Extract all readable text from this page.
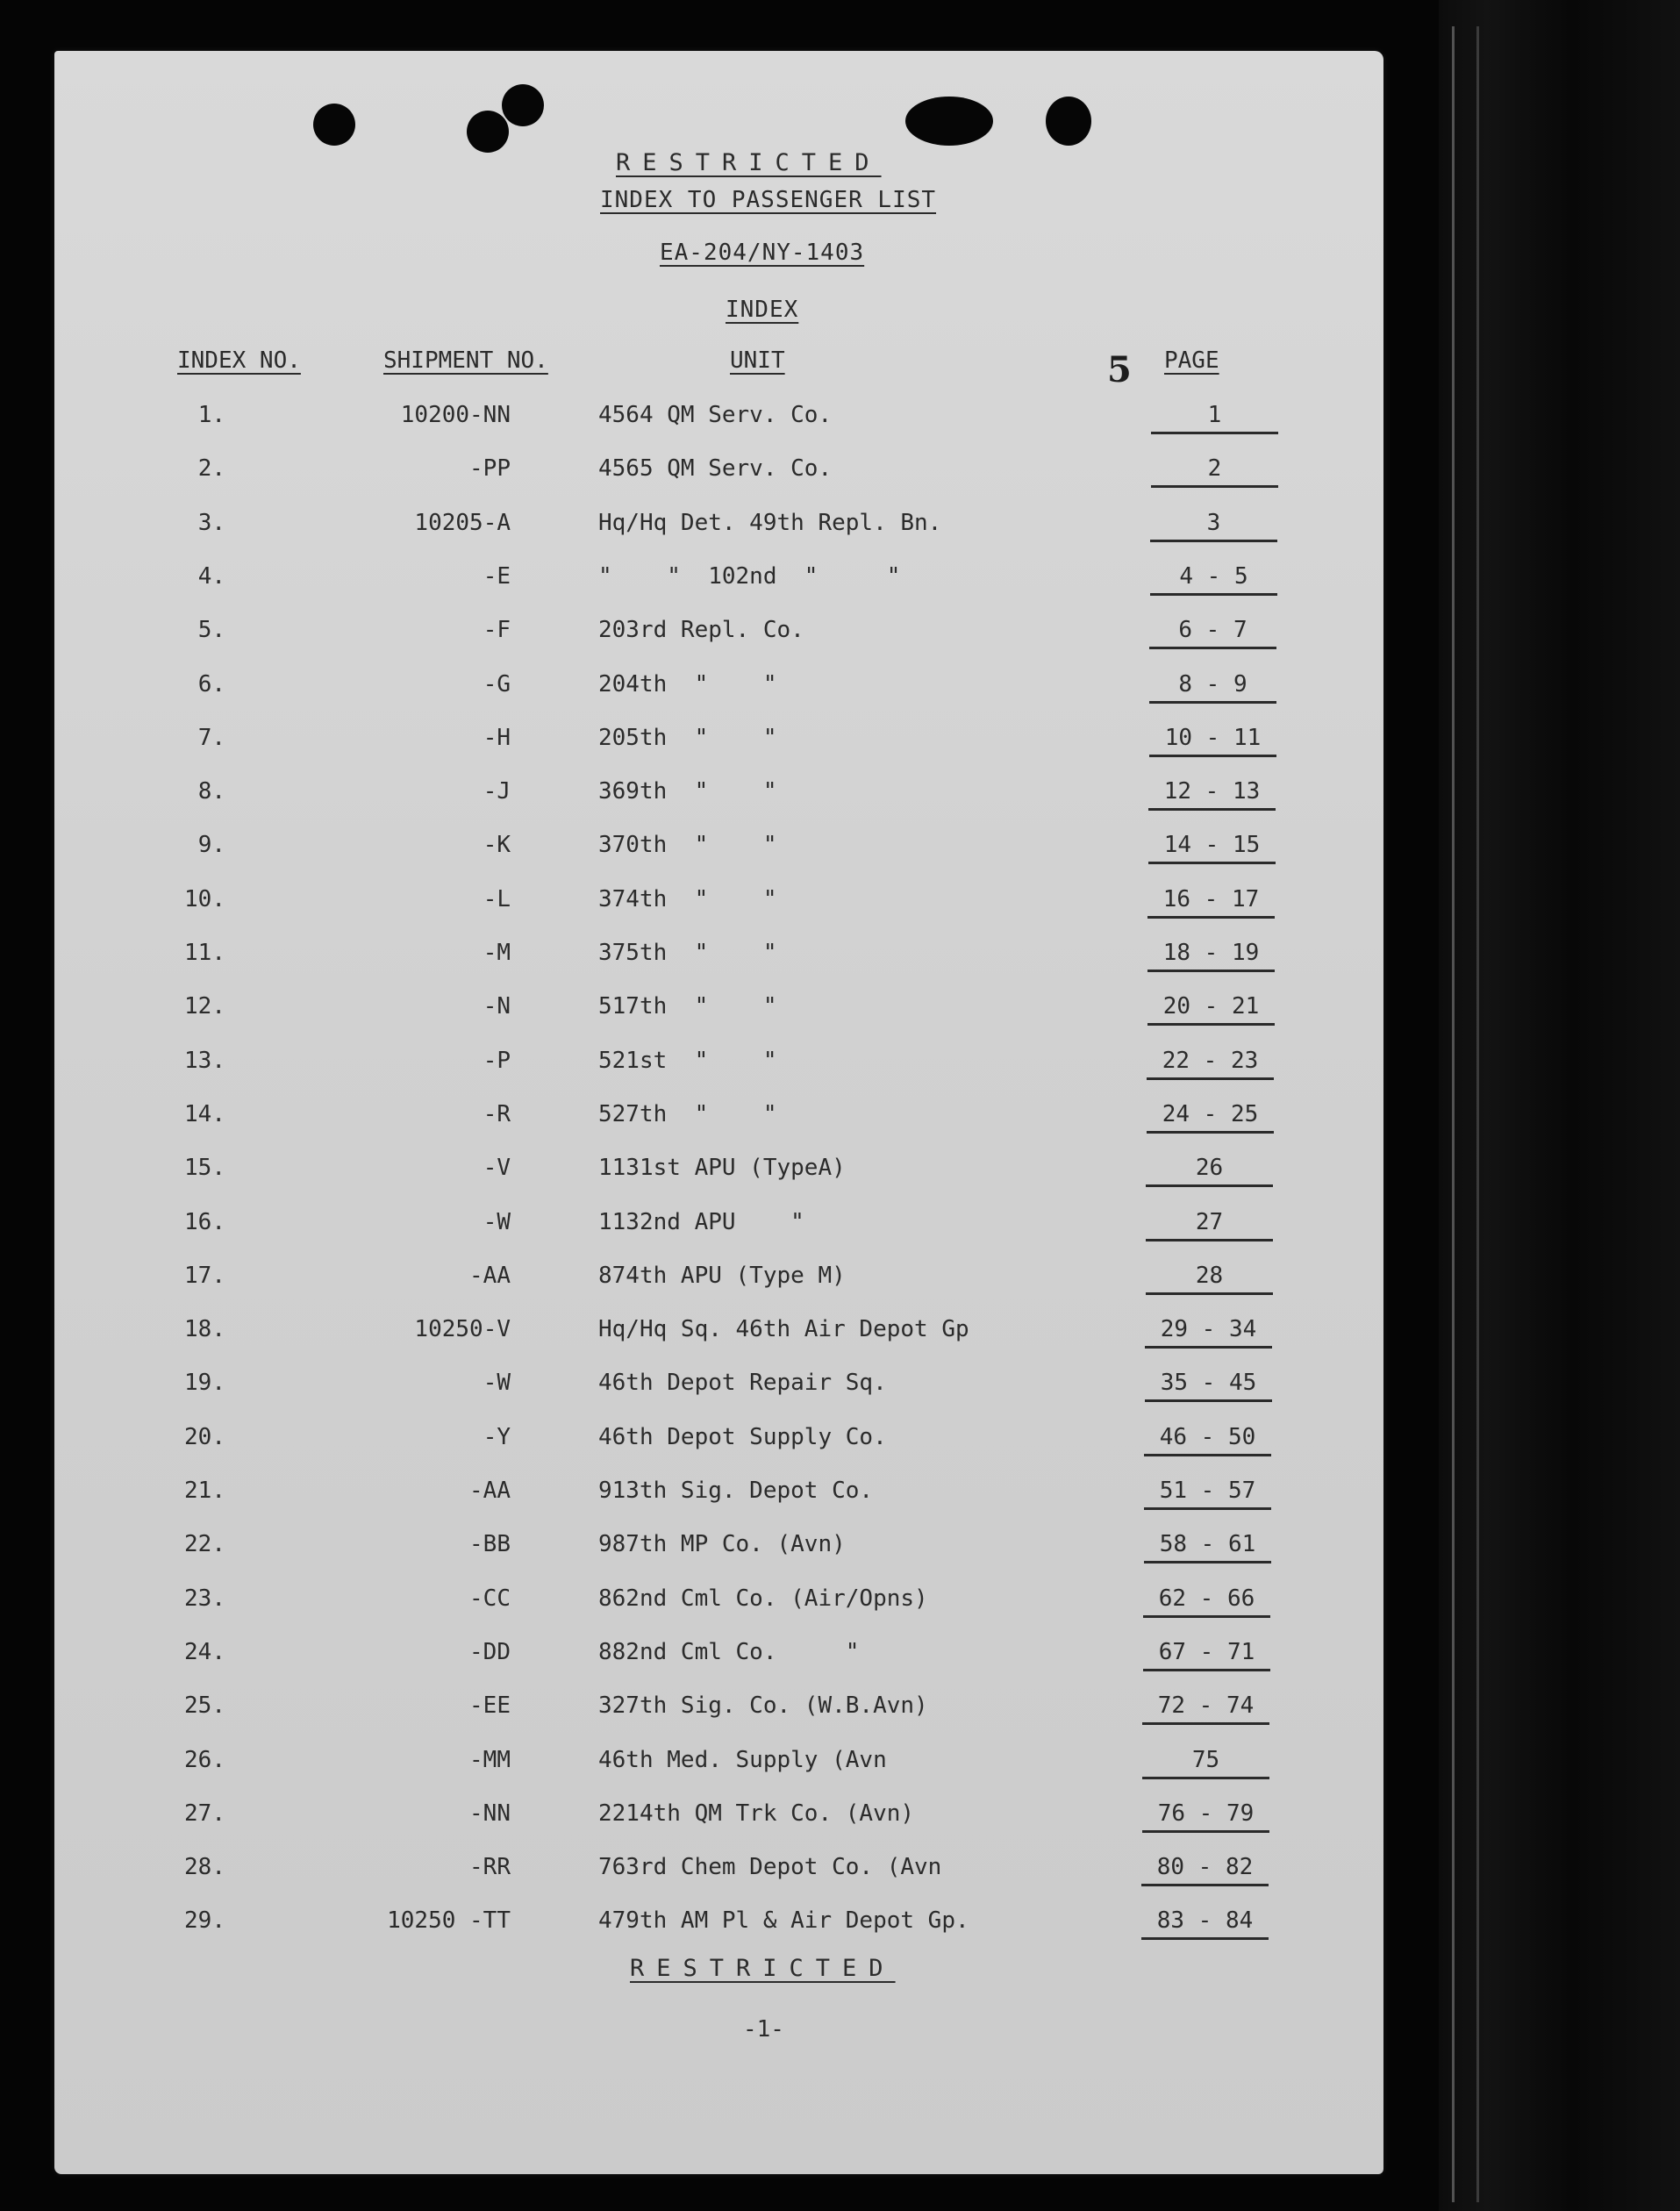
RESTRICTED
INDEX TO PASSENGER LIST
EA-204/NY-1403
INDEX
INDEX NO.	SHIPMENT NO.	UNIT	5 PAGE
1.	10200-NN	4564 QM Serv. Co.	1
2.	-PP	4565 QM Serv. Co.	2
3.	10205-A	Hq/Hq Det. 49th Repl. Bn.	3
4.	-E	"    "  102nd  "     "	4 - 5
5.	-F	203rd Repl. Co.	6 - 7
6.	-G	204th  "    "	8 - 9
7.	-H	205th  "    "	10 - 11
8.	-J	369th  "    "	12 - 13
9.	-K	370th  "    "	14 - 15
10.	-L	374th  "    "	16 - 17
11.	-M	375th  "    "	18 - 19
12.	-N	517th  "    "	20 - 21
13.	-P	521st  "    "	22 - 23
14.	-R	527th  "    "	24 - 25
15.	-V	1131st APU (TypeA)	26
16.	-W	1132nd APU    "	27
17.	-AA	874th APU (Type M)	28
18.	10250-V	Hq/Hq Sq. 46th Air Depot Gp	29 - 34
19.	-W	46th Depot Repair Sq.	35 - 45
20.	-Y	46th Depot Supply Co.	46 - 50
21.	-AA	913th Sig. Depot Co.	51 - 57
22.	-BB	987th MP Co. (Avn)	58 - 61
23.	-CC	862nd Cml Co. (Air/Opns)	62 - 66
24.	-DD	882nd Cml Co.     "	67 - 71
25.	-EE	327th Sig. Co. (W.B.Avn)	72 - 74
26.	-MM	46th Med. Supply (Avn	75
27.	-NN	2214th QM Trk Co. (Avn)	76 - 79
28.	-RR	763rd Chem Depot Co. (Avn	80 - 82
29.	10250 -TT	479th AM Pl & Air Depot Gp.	83 - 84
RESTRICTED
-1-
